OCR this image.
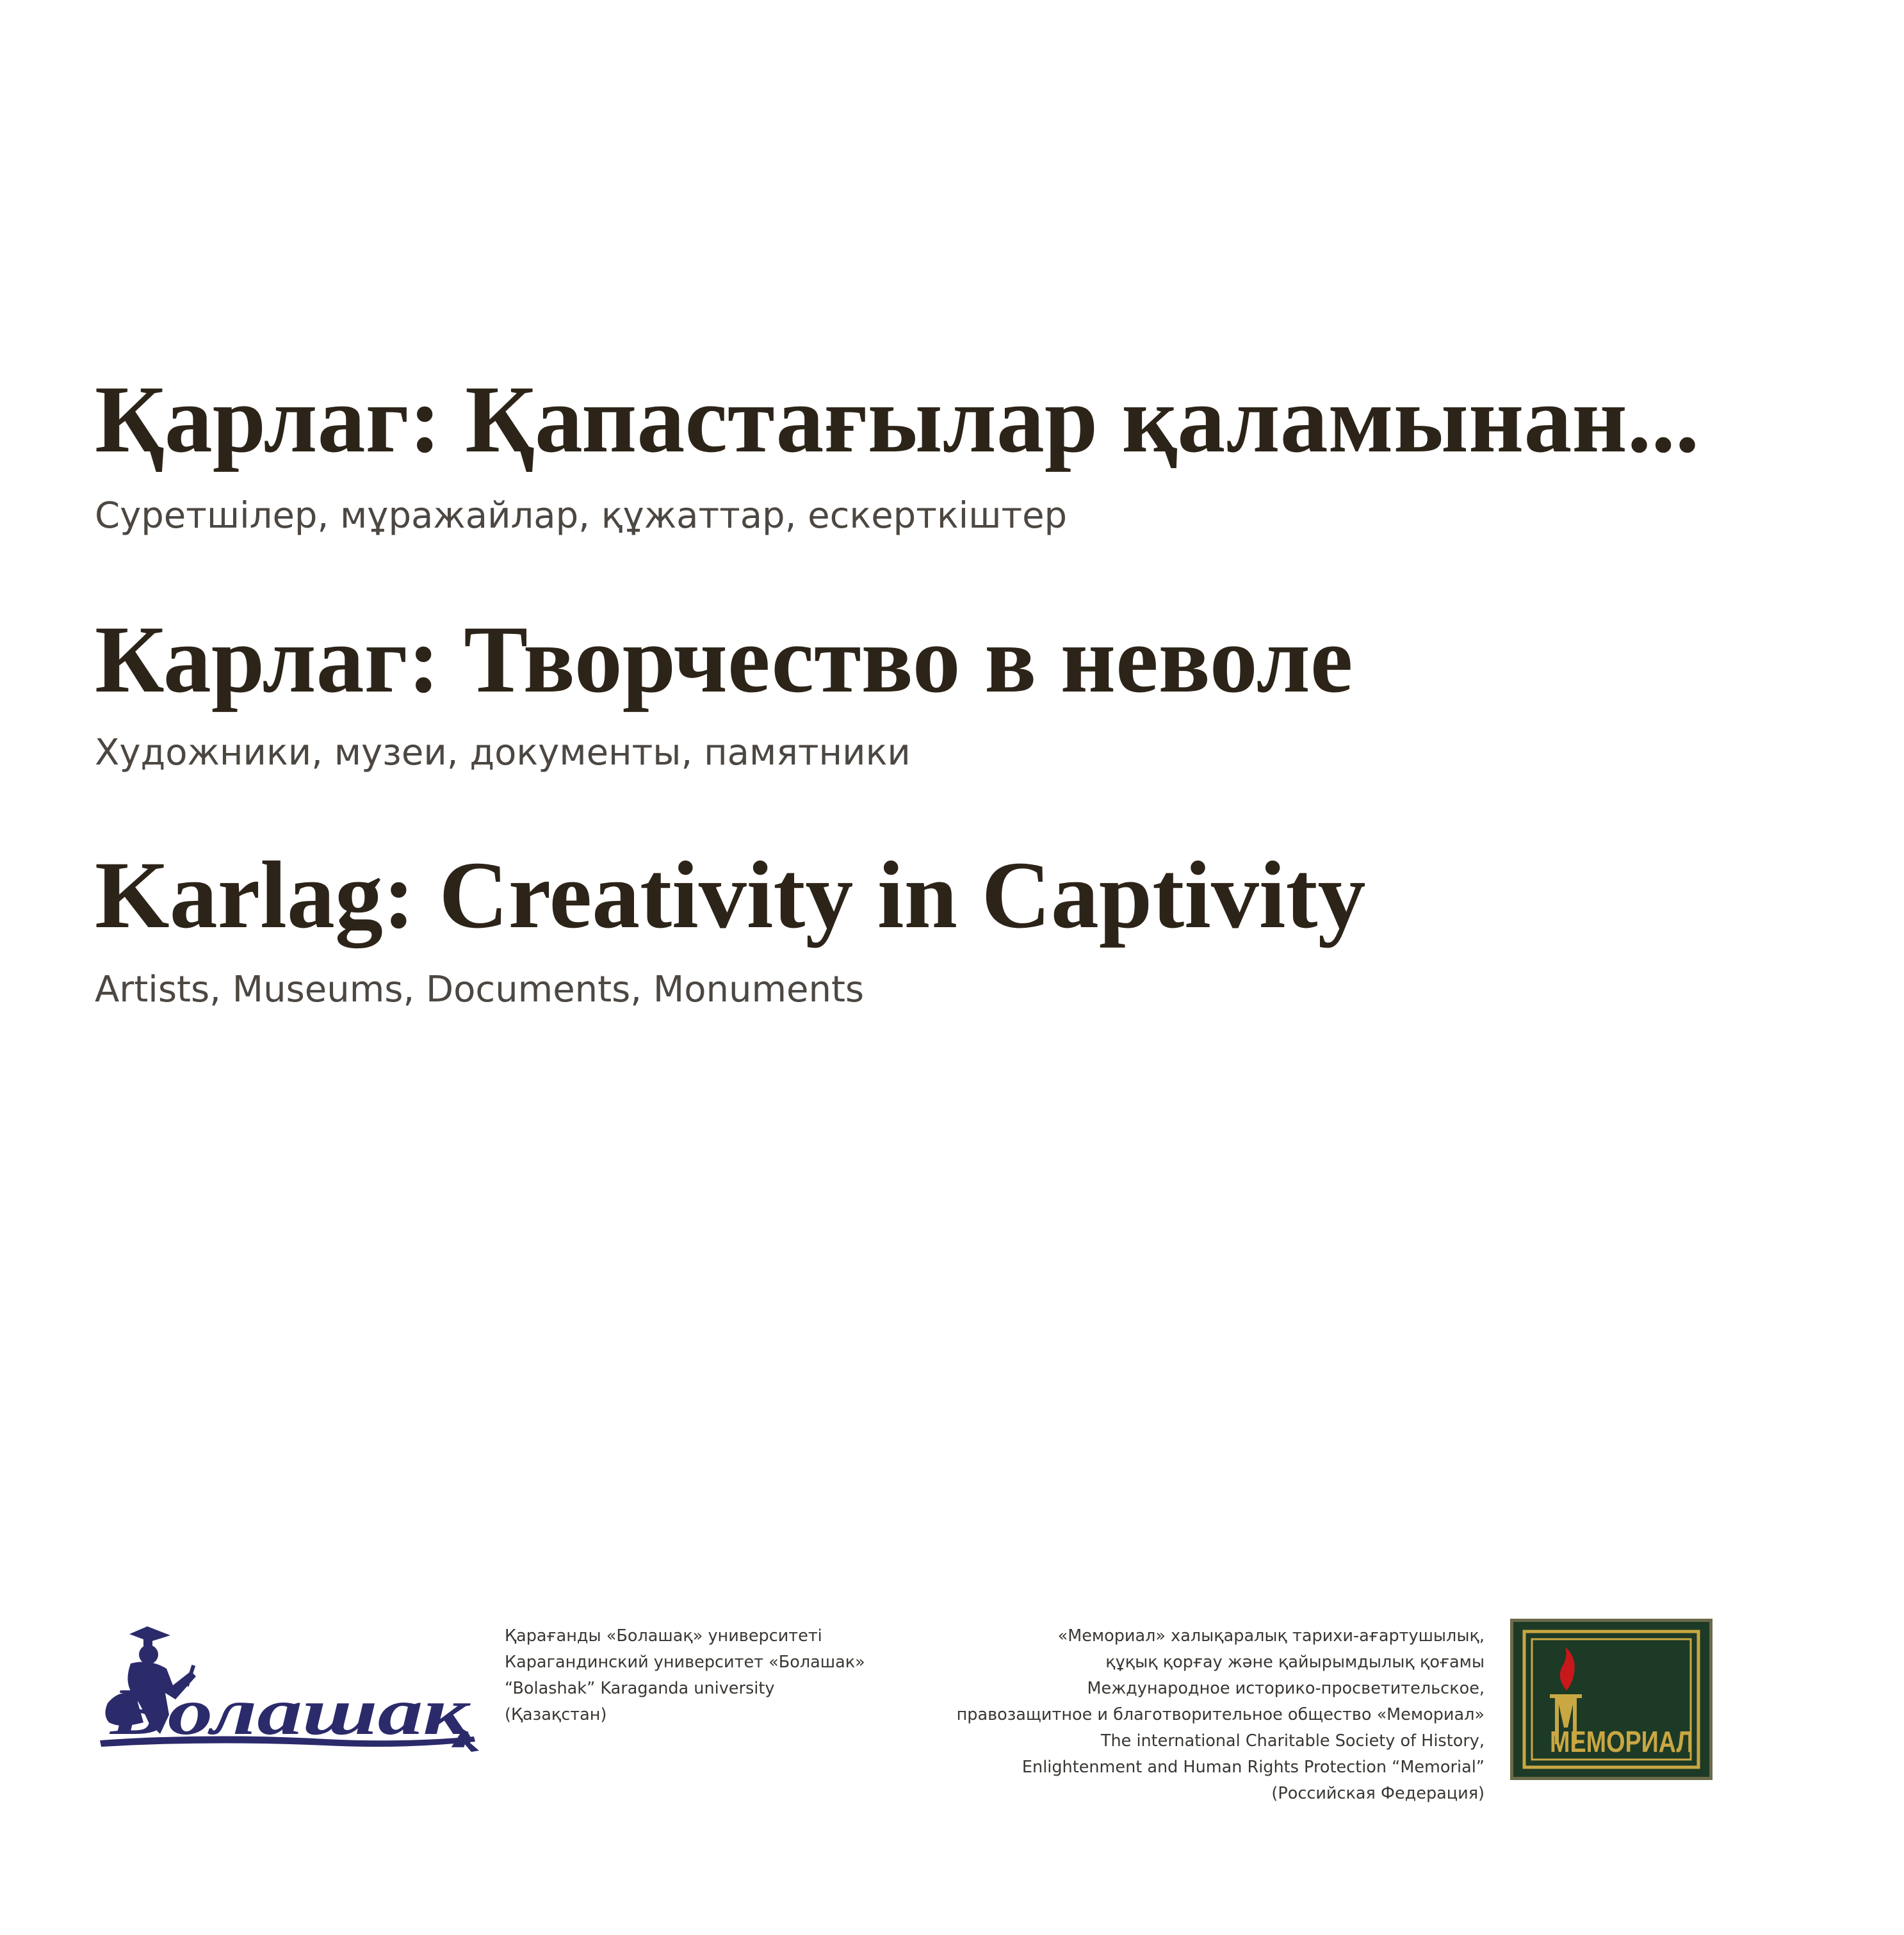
Қарлаг: Қапастағылар қаламынан...

Суретшілер, мұражайлар, құжаттар, ескерткіштер

Карлаг: Творчество в неволе

Художники, музеи, документы, памятники

Karlag: Creativity in Captivity

Artists, Museums, Documents, Monuments

Болашақ
Қарағанды «Болашақ» университеті
Карагандинский университет «Болашак»
“Bolashak” Karaganda university
(Қазақстан)
«Мемориал» халықаралық тарихи-ағартушылық,
құқық қорғау және қайырымдылық қоғамы
Международное историко-просветительское,
правозащитное и благотворительное общество «Мемориал»
The international Charitable Society of History,
Enlightenment and Human Rights Protection “Memorial”
(Российская Федерация)
МЕМОРИАЛ
